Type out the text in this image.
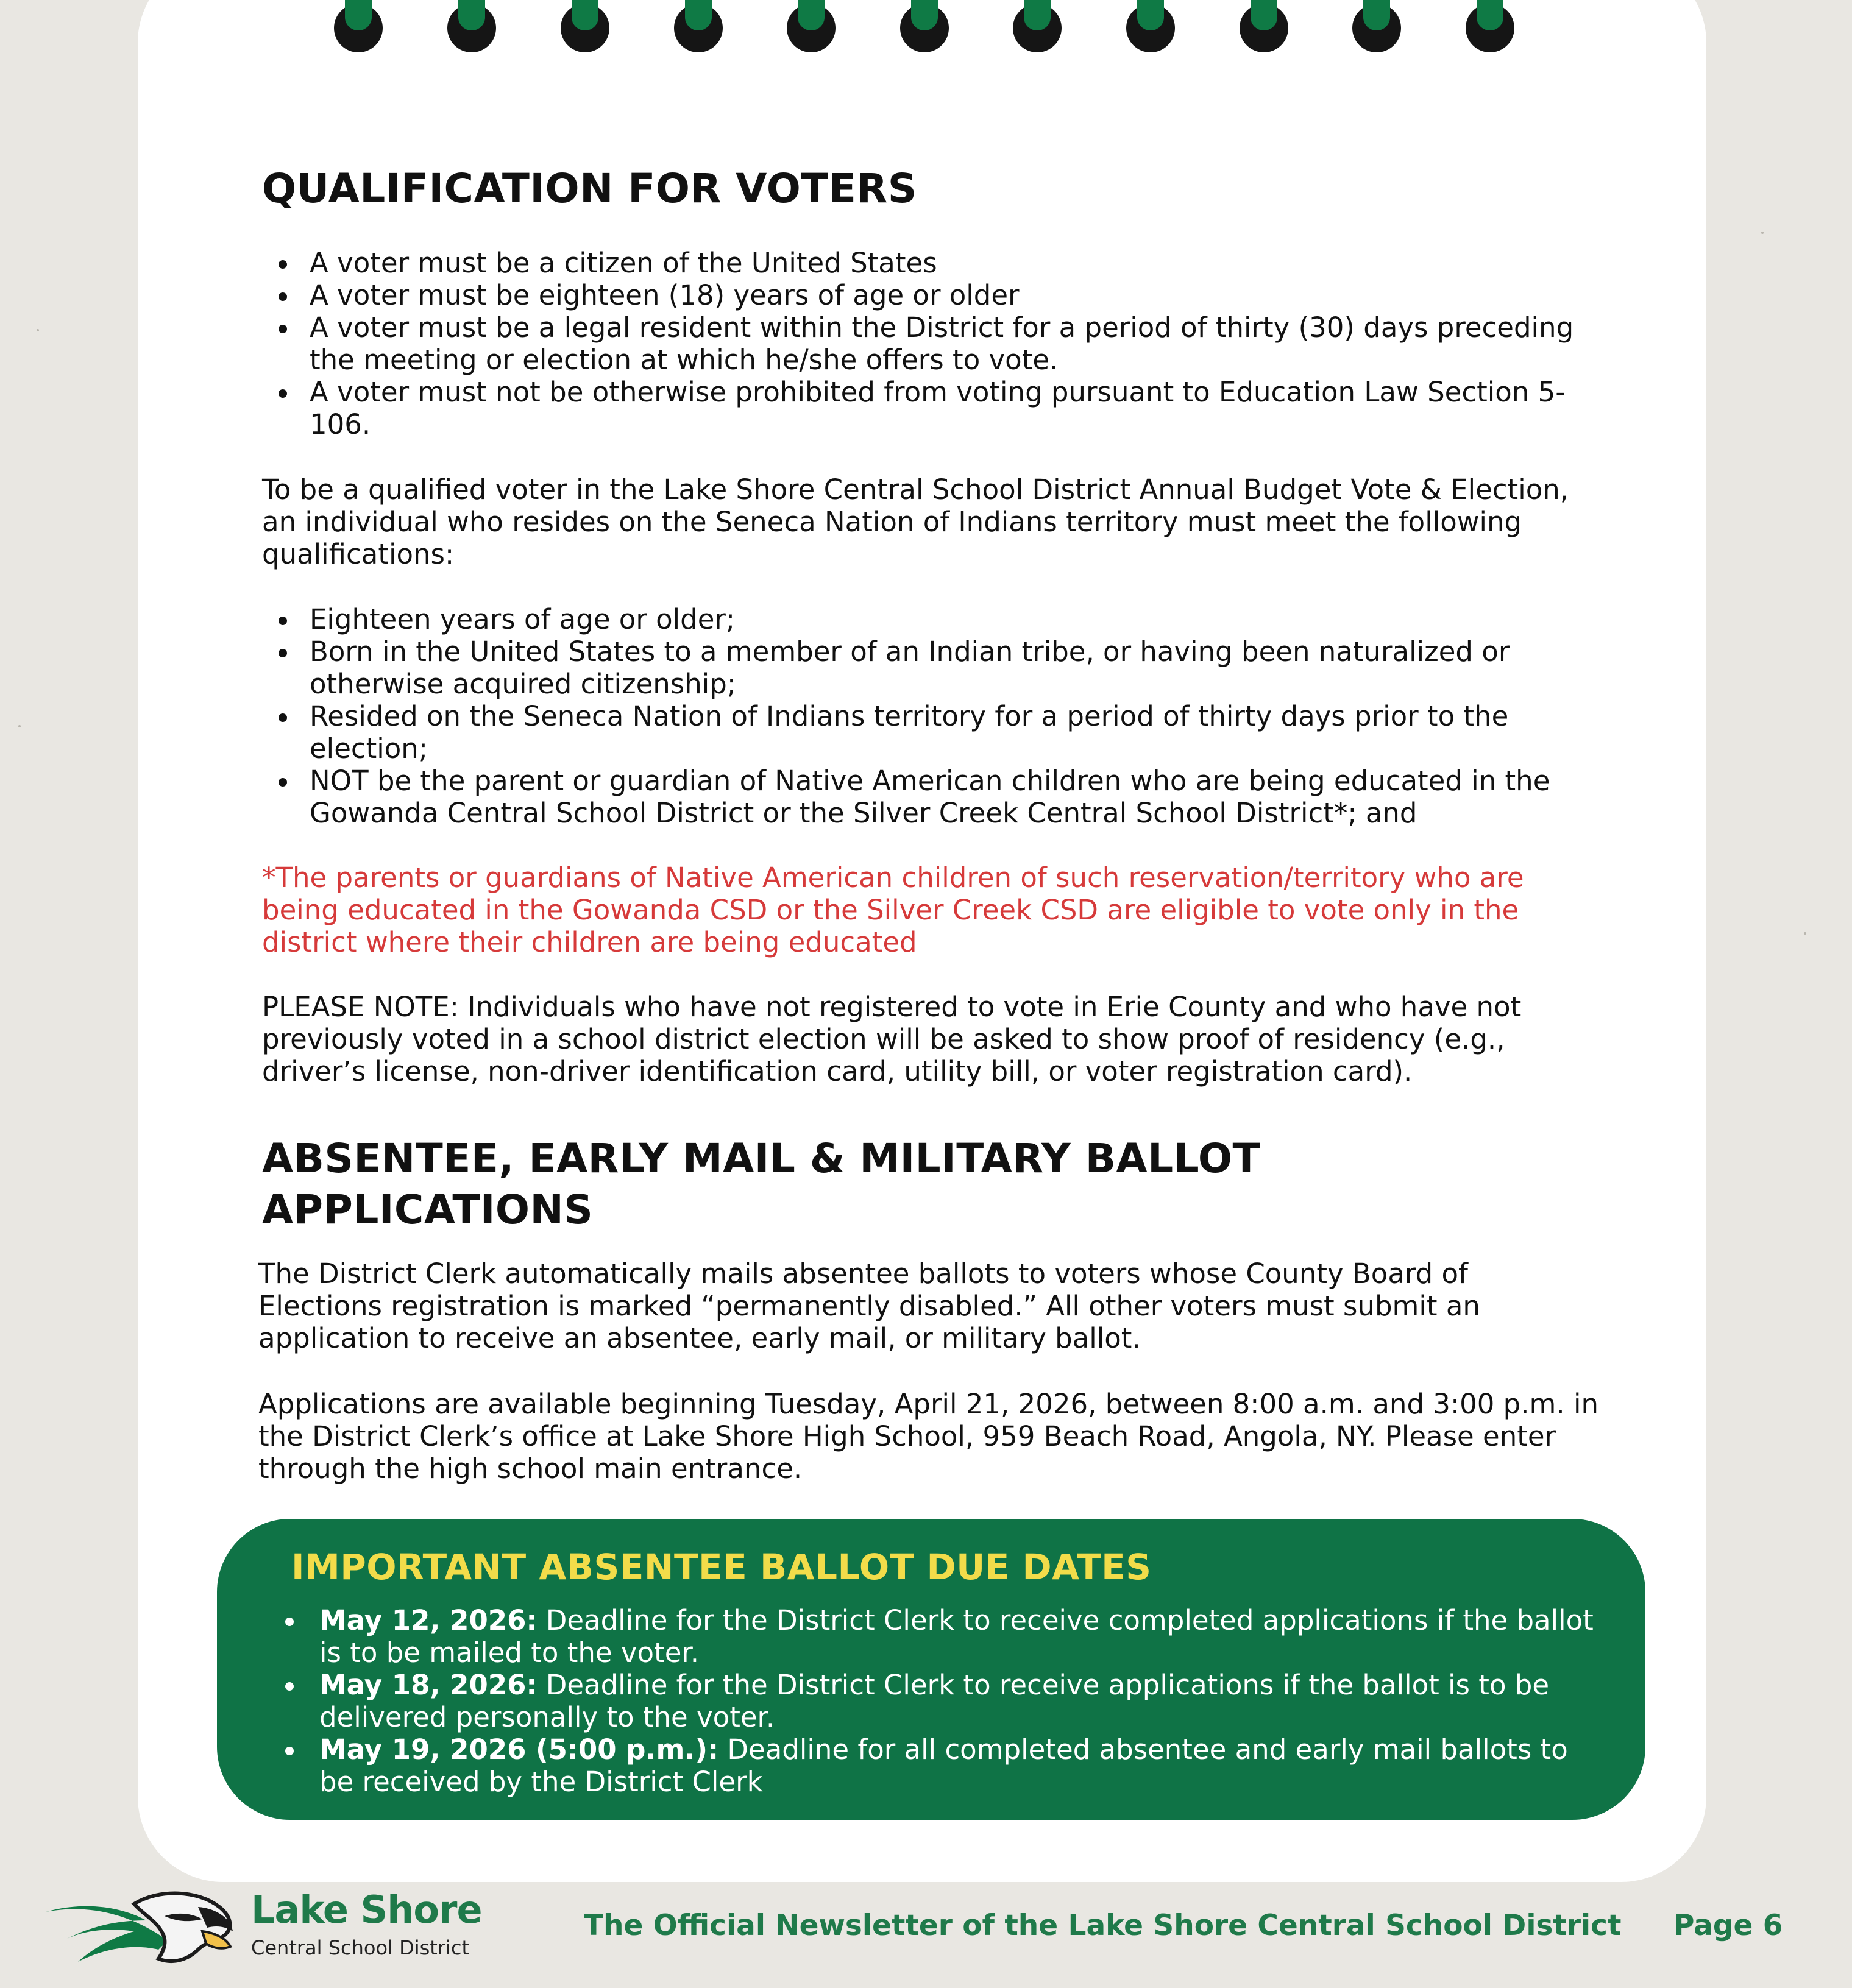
QUALIFICATION FOR VOTERS
A voter must be a citizen of the United States
A voter must be eighteen (18) years of age or older
A voter must be a legal resident within the District for a period of thirty (30) days preceding the meeting or election at which he/she offers to vote.
A voter must not be otherwise prohibited from voting pursuant to Education Law Section 5-106.

To be a qualified voter in the Lake Shore Central School District Annual Budget Vote & Election, an individual who resides on the Seneca Nation of Indians territory must meet the following qualifications:

Eighteen years of age or older;
Born in the United States to a member of an Indian tribe, or having been naturalized or otherwise acquired citizenship;
Resided on the Seneca Nation of Indians territory for a period of thirty days prior to the election;
NOT be the parent or guardian of Native American children who are being educated in the Gowanda Central School District or the Silver Creek Central School District*; and

*The parents or guardians of Native American children of such reservation/territory who are being educated in the Gowanda CSD or the Silver Creek CSD are eligible to vote only in the district where their children are being educated

PLEASE NOTE: Individuals who have not registered to vote in Erie County and who have not previously voted in a school district election will be asked to show proof of residency (e.g., driver’s license, non-driver identification card, utility bill, or voter registration card).

ABSENTEE, EARLY MAIL & MILITARY BALLOT
APPLICATIONS

The District Clerk automatically mails absentee ballots to voters whose County Board of Elections registration is marked “permanently disabled.” All other voters must submit an application to receive an absentee, early mail, or military ballot.

Applications are available beginning Tuesday, April 21, 2026, between 8:00 a.m. and 3:00 p.m. in the District Clerk’s office at Lake Shore High School, 959 Beach Road, Angola, NY. Please enter through the high school main entrance.

IMPORTANT ABSENTEE BALLOT DUE DATES
May 12, 2026: Deadline for the District Clerk to receive completed applications if the ballot is to be mailed to the voter.
May 18, 2026: Deadline for the District Clerk to receive applications if the ballot is to be delivered personally to the voter.
May 19, 2026 (5:00 p.m.): Deadline for all completed absentee and early mail ballots to be received by the District Clerk
Lake Shore
Central School District
The Official Newsletter of the Lake Shore Central School District Page 6
